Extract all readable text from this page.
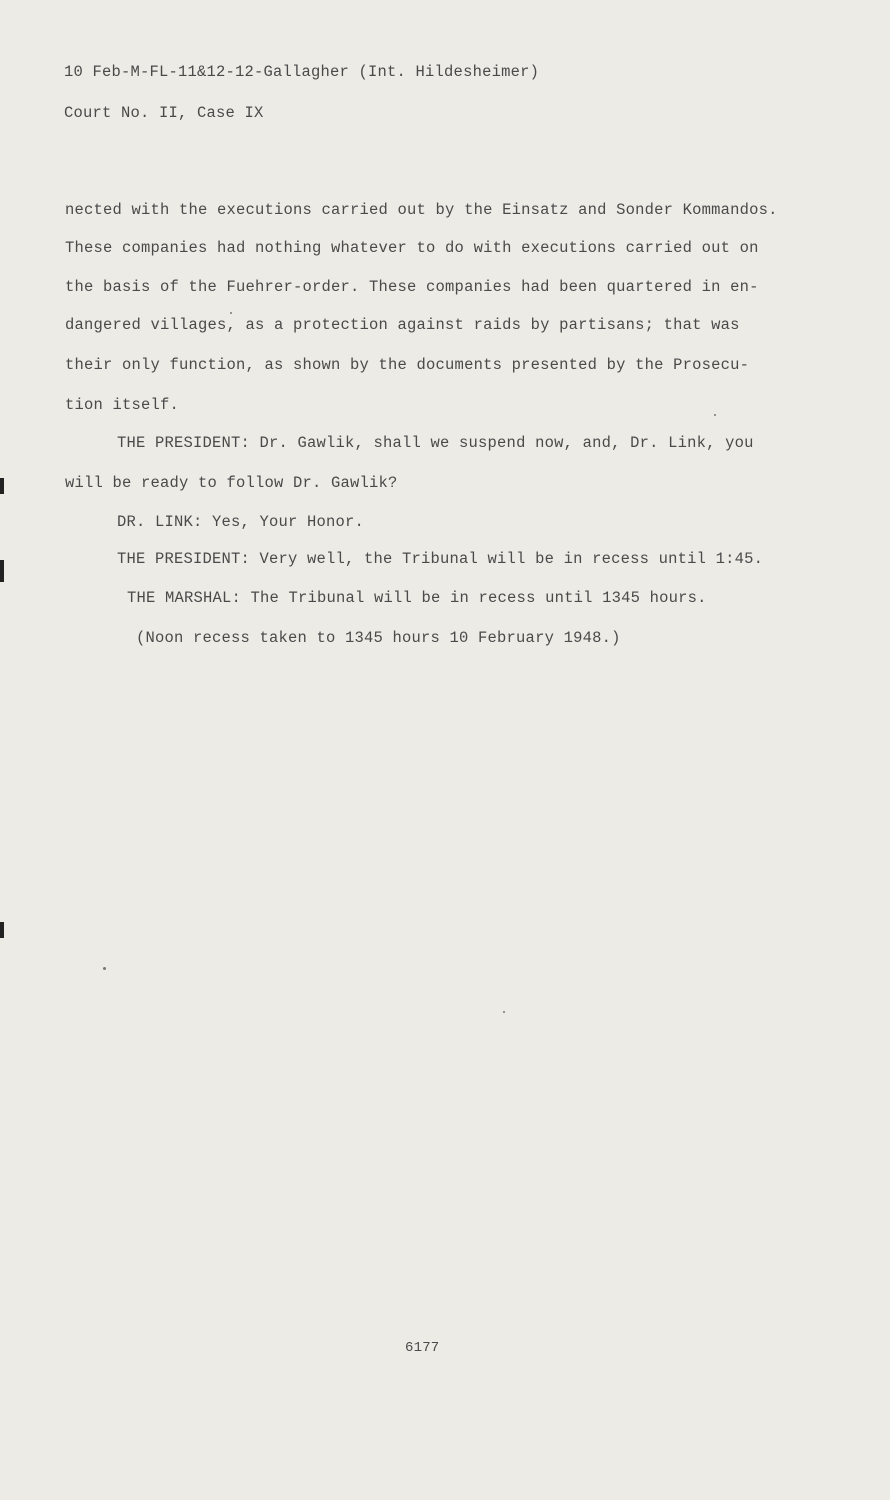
10 Feb-M-FL-11&12-12-Gallagher (Int. Hildesheimer)
Court No. II, Case IX
nected with the executions carried out by the Einsatz and Sonder Kommandos.
These companies had nothing whatever to do with executions carried out on
the basis of the Fuehrer-order. These companies had been quartered in en-
dangered villages, as a protection against raids by partisans; that was
their only function, as shown by the documents presented by the Prosecu-
tion itself.
THE PRESIDENT: Dr. Gawlik, shall we suspend now, and, Dr. Link, you
will be ready to follow Dr. Gawlik?
DR. LINK: Yes, Your Honor.
THE PRESIDENT: Very well, the Tribunal will be in recess until 1:45.
THE MARSHAL: The Tribunal will be in recess until 1345 hours.
(Noon recess taken to 1345 hours 10 February 1948.)
6177
